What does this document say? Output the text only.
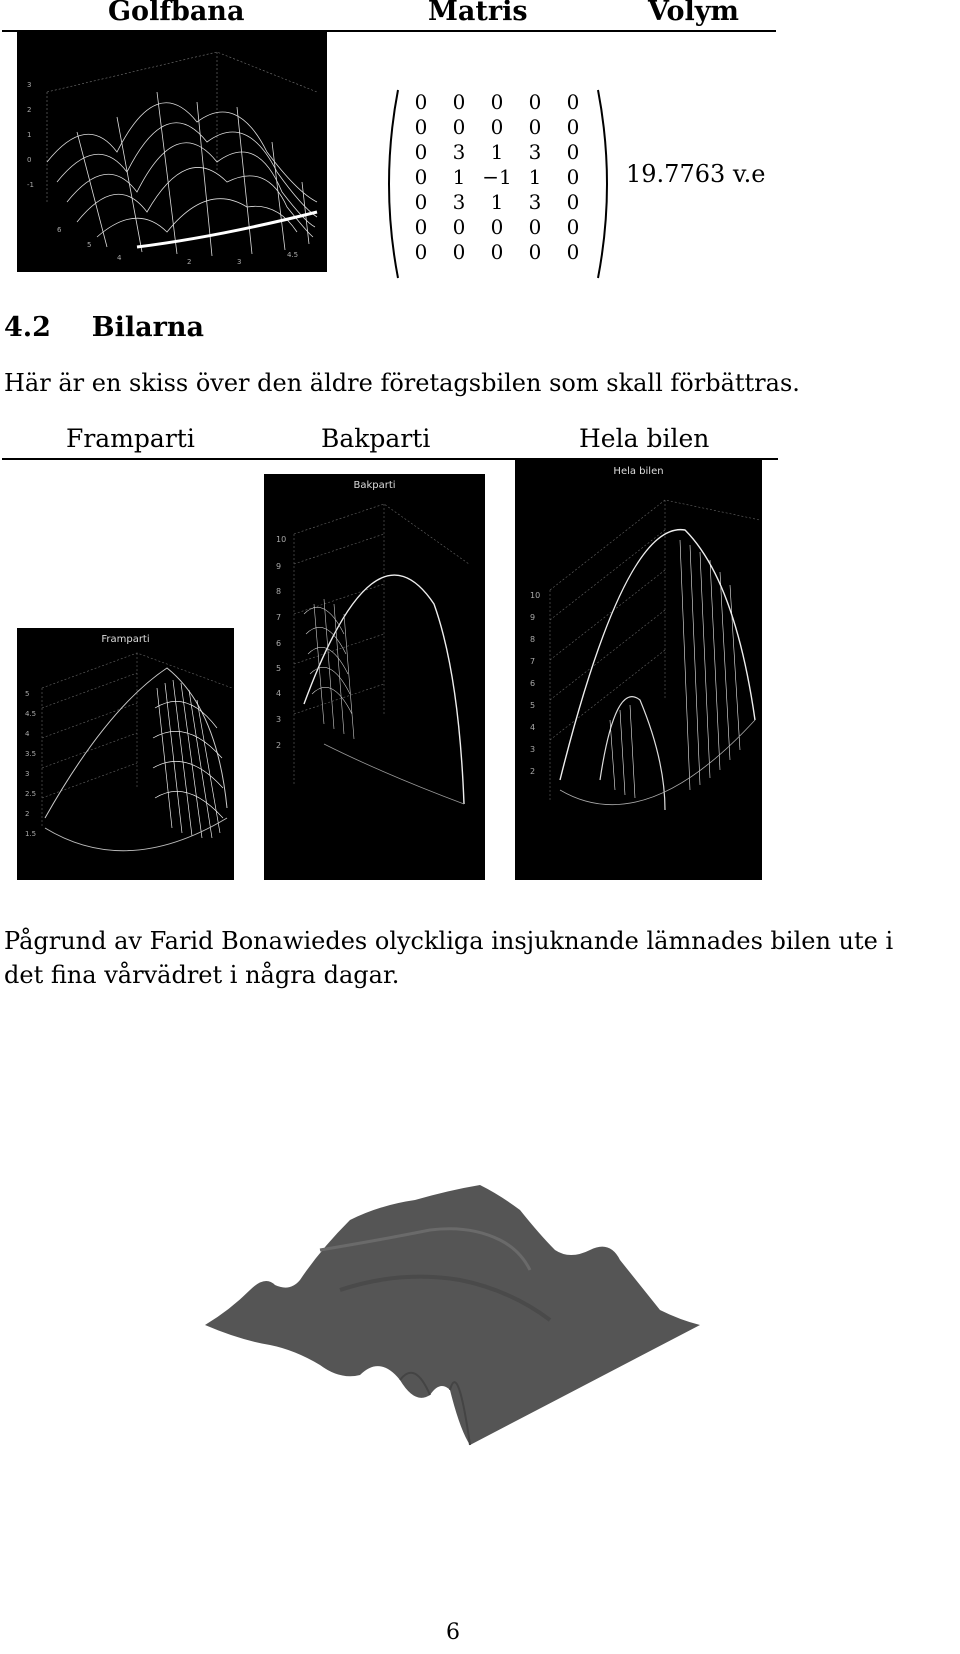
Golfbana	Matris	Volym
3
2
1
0
-1
6
5
4	2	3
4.5
0	0	0	0	0
0	0	0	0	0
0	3	1	3	0
0	1	−1	1	0
0	3	1	3	0
0	0	0	0	0
0	0	0	0	0
19.7763 v.e
4.2 Bilarna
Här är en skiss över den äldre företagsbilen som skall förbättras.
Framparti	Bakparti	Hela bilen
Framparti
5
4.5
4
3.5
3
2.5
2
1.5
Bakparti
10
9
8
7
6
5
4
3
2
Hela bilen
10
9
8
7
6
5
4
3
2
Pågrund av Farid Bonawiedes olyckliga insjuknande lämnades bilen ute i det fina vårvädret i några dagar.
6
